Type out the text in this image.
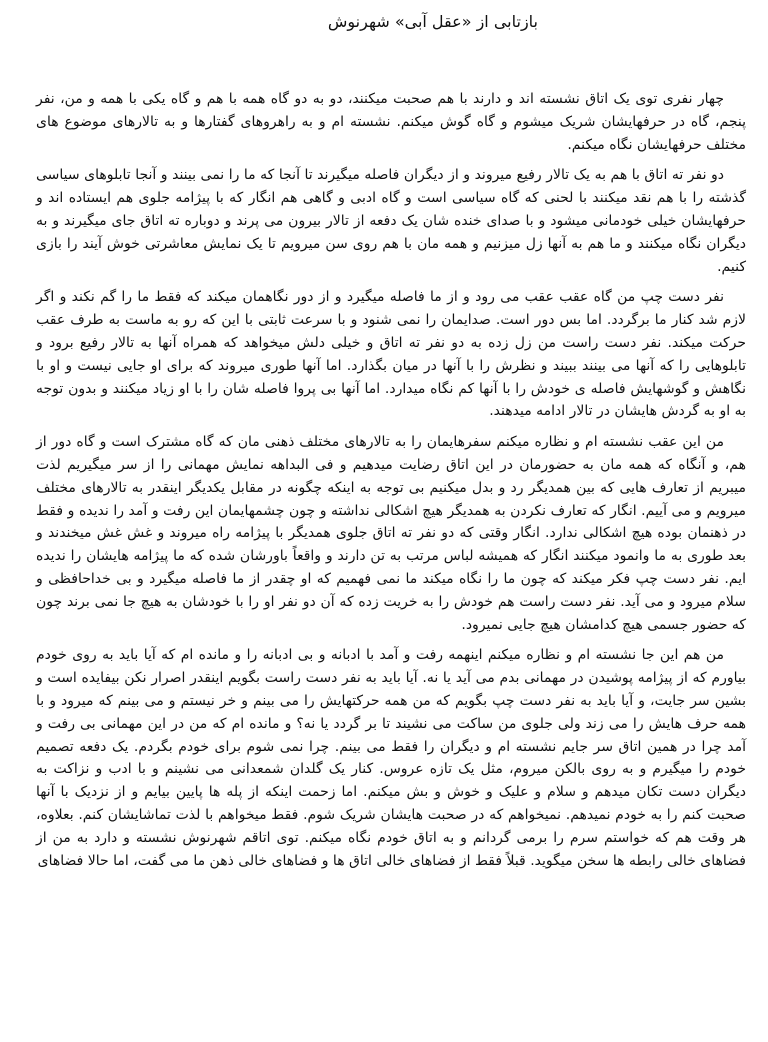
بازتابی از «عقل آبی» شهرنوش

چهار نفری توی یک اتاق نشسته اند و دارند با هم صحبت میکنند، دو به دو گاه همه با هم و گاه یکی با همه و من، نفر پنجم، گاه در حرفهایشان شریک میشوم و گاه گوش میکنم. نشسته ام و به راهروهای گفتارها و به تالارهای موضوع های مختلف حرفهایشان نگاه میکنم.

دو نفر ته اتاق با هم به یک تالار رفیع میروند و از دیگران فاصله میگیرند تا آنجا که ما را نمی بینند و آنجا تابلوهای سیاسی گذشته را با هم نقد میکنند با لحنی که گاه سیاسی است و گاه ادبی و گاهی هم انگار که با پیژامه جلوی هم ایستاده اند و حرفهایشان خیلی خودمانی میشود و با صدای خنده شان یک دفعه از تالار بیرون می پرند و دوباره ته اتاق جای میگیرند و به دیگران نگاه میکنند و ما هم به آنها زل میزنیم و همه مان با هم روی سن میرویم تا یک نمایش معاشرتی خوش آیند را بازی کنیم.

نفر دست چپ من گاه عقب عقب می رود و از ما فاصله میگیرد و از دور نگاهمان میکند که فقط ما را گم نکند و اگر لازم شد کنار ما برگردد. اما بس دور است. صدایمان را نمی شنود و با سرعت ثابتی با این که رو به ماست به طرف عقب حرکت میکند. نفر دست راست من زل زده به دو نفر ته اتاق و خیلی دلش میخواهد که همراه آنها به تالار رفیع برود و تابلوهایی را که آنها می بینند ببیند و نظرش را با آنها در میان بگذارد. اما آنها طوری میروند که برای او جایی نیست و او با نگاهش و گوشهایش فاصله ی خودش را با آنها کم نگاه میدارد. اما آنها بی پروا فاصله شان را با او زیاد میکنند و بدون توجه به او به گردش هایشان در تالار ادامه میدهند.

من این عقب نشسته ام و نظاره میکنم سفرهایمان را به تالارهای مختلف ذهنی مان که گاه مشترک است و گاه دور از هم، و آنگاه که همه مان به حضورمان در این اتاق رضایت میدهیم و فی البداهه نمایش مهمانی را از سر میگیریم لذت میبریم از تعارف هایی که بین همدیگر رد و بدل میکنیم بی توجه به اینکه چگونه در مقابل یکدیگر اینقدر به تالارهای مختلف میرویم و می آییم. انگار که تعارف نکردن به همدیگر هیچ اشکالی نداشته و چون چشمهایمان این رفت و آمد را ندیده و فقط در ذهنمان بوده هیچ اشکالی ندارد. انگار وقتی که دو نفر ته اتاق جلوی همدیگر با پیژامه راه میروند و غش غش میخندند و بعد طوری به ما وانمود میکنند انگار که همیشه لباس مرتب به تن دارند و واقعاً باورشان شده که ما پیژامه هایشان را ندیده ایم. نفر دست چپ فکر میکند که چون ما را نگاه میکند ما نمی فهمیم که او چقدر از ما فاصله میگیرد و بی خداحافظی و سلام میرود و می آید. نفر دست راست هم خودش را به خریت زده که آن دو نفر او را با خودشان به هیچ جا نمی برند چون که حضور جسمی هیچ کدامشان هیچ جایی نمیرود.

من هم این جا نشسته ام و نظاره میکنم اینهمه رفت و آمد با ادبانه و بی ادبانه را و مانده ام که آیا باید به روی خودم بیاورم که از پیژامه پوشیدن در مهمانی بدم می آید یا نه. آیا باید به نفر دست راست بگویم اینقدر اصرار نکن بیفایده است و بشین سر جایت، و آیا باید به نفر دست چپ بگویم که من همه حرکتهایش را می بینم و خر نیستم و می بینم که میرود و با همه حرف هایش را می زند ولی جلوی من ساکت می نشیند تا بر گردد یا نه؟ و مانده ام که من در این مهمانی بی رفت و آمد چرا در همین اتاق سر جایم نشسته ام و دیگران را فقط می بینم. چرا نمی شوم برای خودم بگردم. یک دفعه تصمیم خودم را میگیرم و به روی بالکن میروم، مثل یک تازه عروس. کنار یک گلدان شمعدانی می نشینم و با ادب و نزاکت به دیگران دست تکان میدهم و سلام و علیک و خوش و بش میکنم. اما زحمت اینکه از پله ها پایین بیایم و از نزدیک با آنها صحبت کنم را به خودم نمیدهم. نمیخواهم که در صحبت هایشان شریک شوم. فقط میخواهم با لذت تماشایشان کنم. بعلاوه، هر وقت هم که خواستم سرم را برمی گردانم و به اتاق خودم نگاه میکنم. توی اتاقم شهرنوش نشسته و دارد به من از فضاهای خالی رابطه ها سخن میگوید. قبلاً فقط از فضاهای خالی اتاق ها و فضاهای خالی ذهن ما می گفت، اما حالا فضاهای
